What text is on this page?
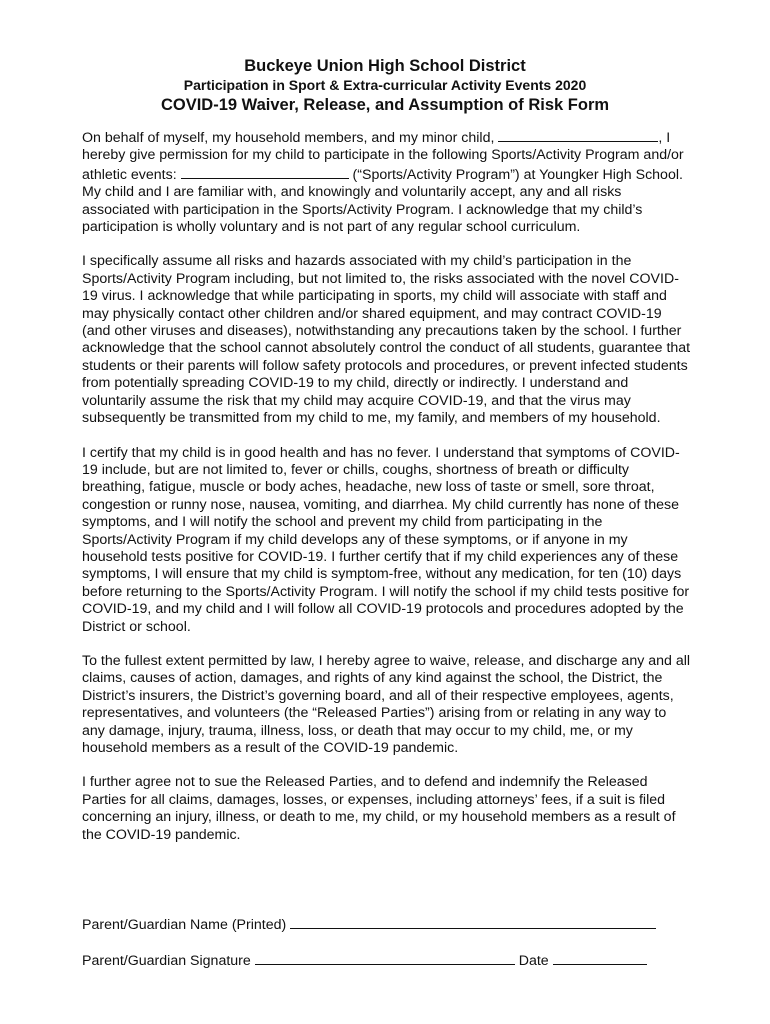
Buckeye Union High School District
Participation in Sport & Extra-curricular Activity Events 2020
COVID-19 Waiver, Release, and Assumption of Risk Form

On behalf of myself, my household members, and my minor child,	, I hereby give permission for my child to participate in the following Sports/Activity Program and/or athletic events:	(“Sports/Activity Program”) at Youngker High School. My child and I are familiar with, and knowingly and voluntarily accept, any and all risks associated with participation in the Sports/Activity Program. I acknowledge that my child’s participation is wholly voluntary and is not part of any regular school curriculum.

I specifically assume all risks and hazards associated with my child’s participation in the Sports/Activity Program including, but not limited to, the risks associated with the novel COVID-19 virus. I acknowledge that while participating in sports, my child will associate with staff and may physically contact other children and/or shared equipment, and may contract COVID-19 (and other viruses and diseases), notwithstanding any precautions taken by the school. I further acknowledge that the school cannot absolutely control the conduct of all students, guarantee that students or their parents will follow safety protocols and procedures, or prevent infected students from potentially spreading COVID-19 to my child, directly or indirectly. I understand and voluntarily assume the risk that my child may acquire COVID-19, and that the virus may subsequently be transmitted from my child to me, my family, and members of my household.

I certify that my child is in good health and has no fever. I understand that symptoms of COVID-19 include, but are not limited to, fever or chills, coughs, shortness of breath or difficulty breathing, fatigue, muscle or body aches, headache, new loss of taste or smell, sore throat, congestion or runny nose, nausea, vomiting, and diarrhea. My child currently has none of these symptoms, and I will notify the school and prevent my child from participating in the Sports/Activity Program if my child develops any of these symptoms, or if anyone in my household tests positive for COVID-19. I further certify that if my child experiences any of these symptoms, I will ensure that my child is symptom-free, without any medication, for ten (10) days before returning to the Sports/Activity Program. I will notify the school if my child tests positive for COVID-19, and my child and I will follow all COVID-19 protocols and procedures adopted by the District or school.

To the fullest extent permitted by law, I hereby agree to waive, release, and discharge any and all claims, causes of action, damages, and rights of any kind against the school, the District, the District’s insurers, the District’s governing board, and all of their respective employees, agents, representatives, and volunteers (the “Released Parties”) arising from or relating in any way to any damage, injury, trauma, illness, loss, or death that may occur to my child, me, or my household members as a result of the COVID-19 pandemic.

I further agree not to sue the Released Parties, and to defend and indemnify the Released Parties for all claims, damages, losses, or expenses, including attorneys’ fees, if a suit is filed concerning an injury, illness, or death to me, my child, or my household members as a result of the COVID-19 pandemic.

Parent/Guardian Name (Printed)
Parent/Guardian Signature	Date
